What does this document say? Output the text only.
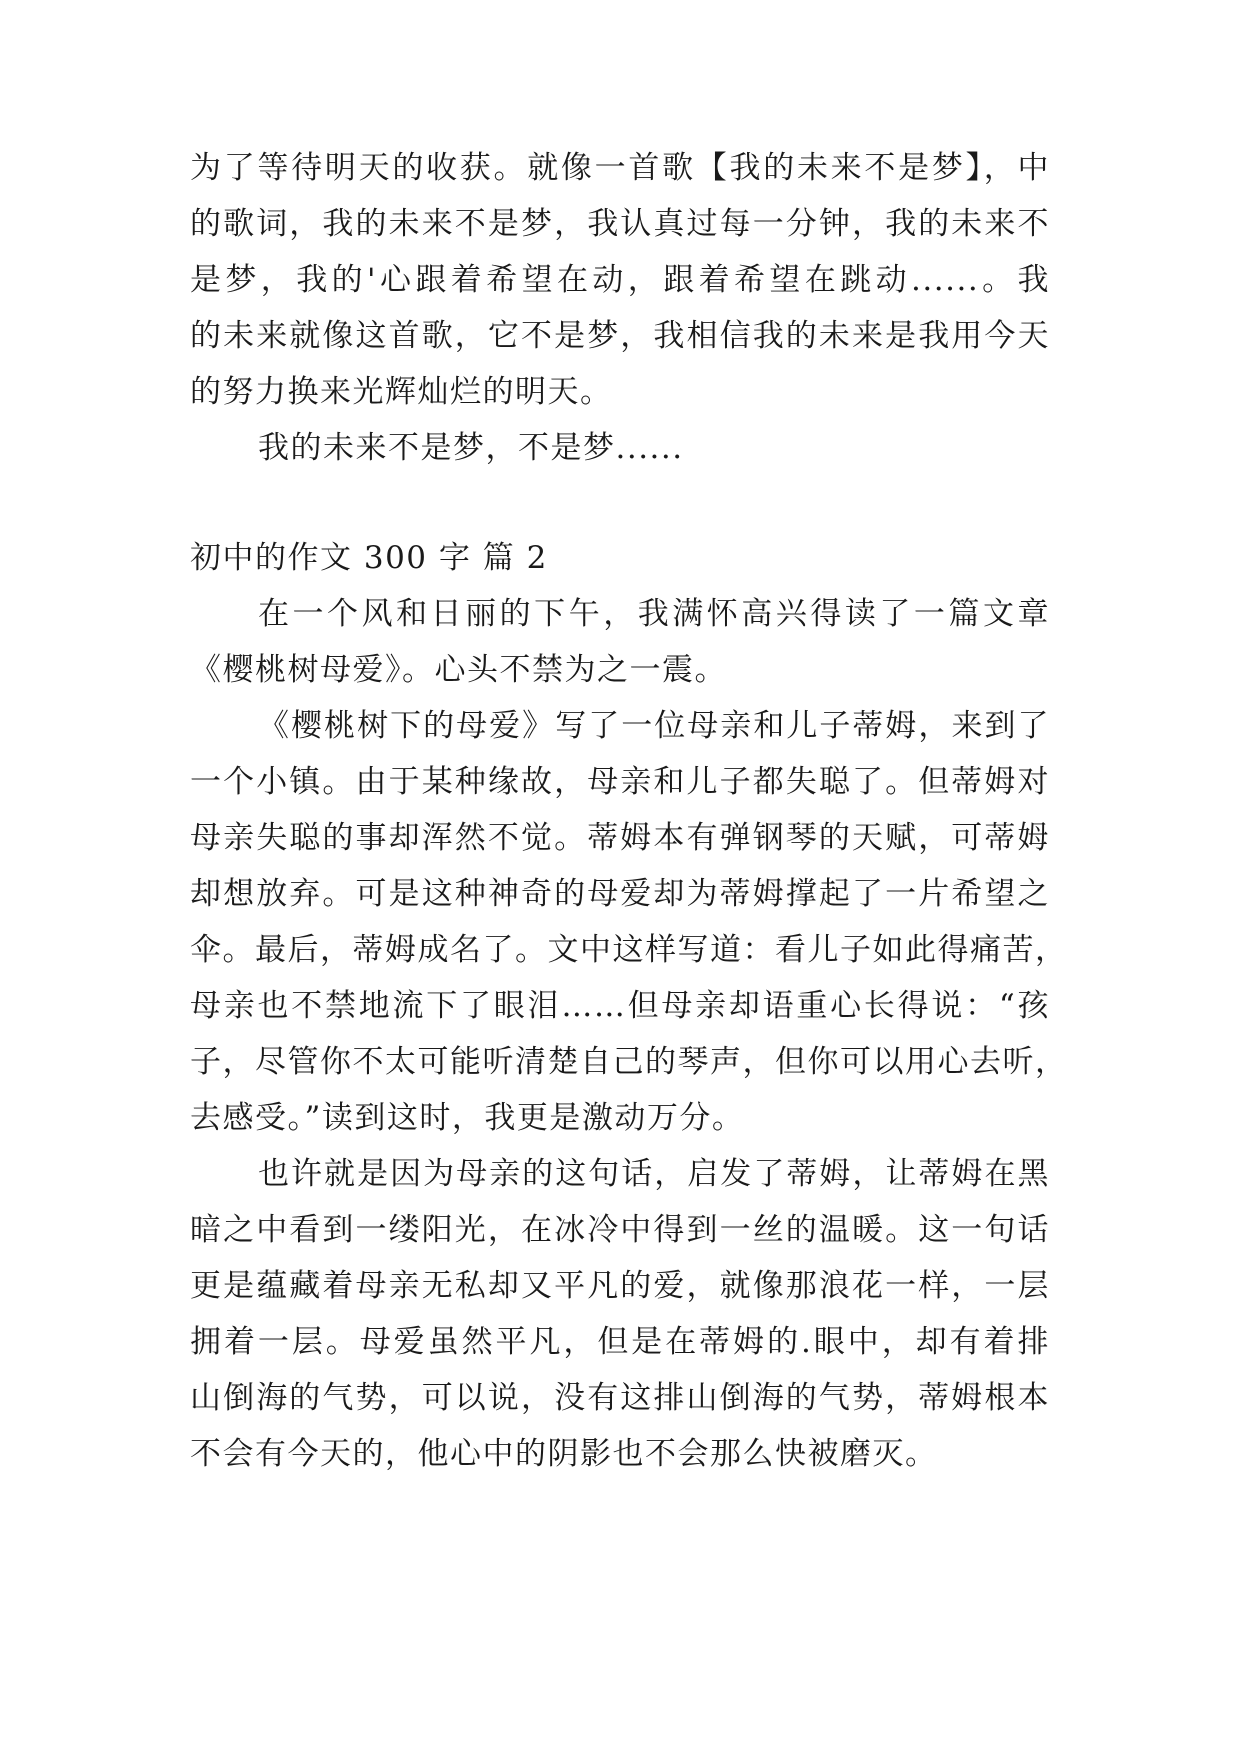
为了等待明天的收获。就像一首歌【我的未来不是梦】，中
的歌词，我的未来不是梦，我认真过每一分钟，我的未来不
是梦，我的'心跟着希望在动，跟着希望在跳动......。我
的未来就像这首歌，它不是梦，我相信我的未来是我用今天
的努力换来光辉灿烂的明天。
我的未来不是梦，不是梦......
初中的作文 300 字 篇 2
在一个风和日丽的下午，我满怀高兴得读了一篇文章
《樱桃树母爱》。心头不禁为之一震。
《樱桃树下的母爱》写了一位母亲和儿子蒂姆，来到了
一个小镇。由于某种缘故，母亲和儿子都失聪了。但蒂姆对
母亲失聪的事却浑然不觉。蒂姆本有弹钢琴的天赋，可蒂姆
却想放弃。可是这种神奇的母爱却为蒂姆撑起了一片希望之
伞。最后，蒂姆成名了。文中这样写道：看儿子如此得痛苦，
母亲也不禁地流下了眼泪……但母亲却语重心长得说：“孩
子，尽管你不太可能听清楚自己的琴声，但你可以用心去听，
去感受。”读到这时，我更是激动万分。
也许就是因为母亲的这句话，启发了蒂姆，让蒂姆在黑
暗之中看到一缕阳光，在冰冷中得到一丝的温暖。这一句话
更是蕴藏着母亲无私却又平凡的爱，就像那浪花一样，一层
拥着一层。母爱虽然平凡，但是在蒂姆的.眼中，却有着排
山倒海的气势，可以说，没有这排山倒海的气势，蒂姆根本
不会有今天的，他心中的阴影也不会那么快被磨灭。
